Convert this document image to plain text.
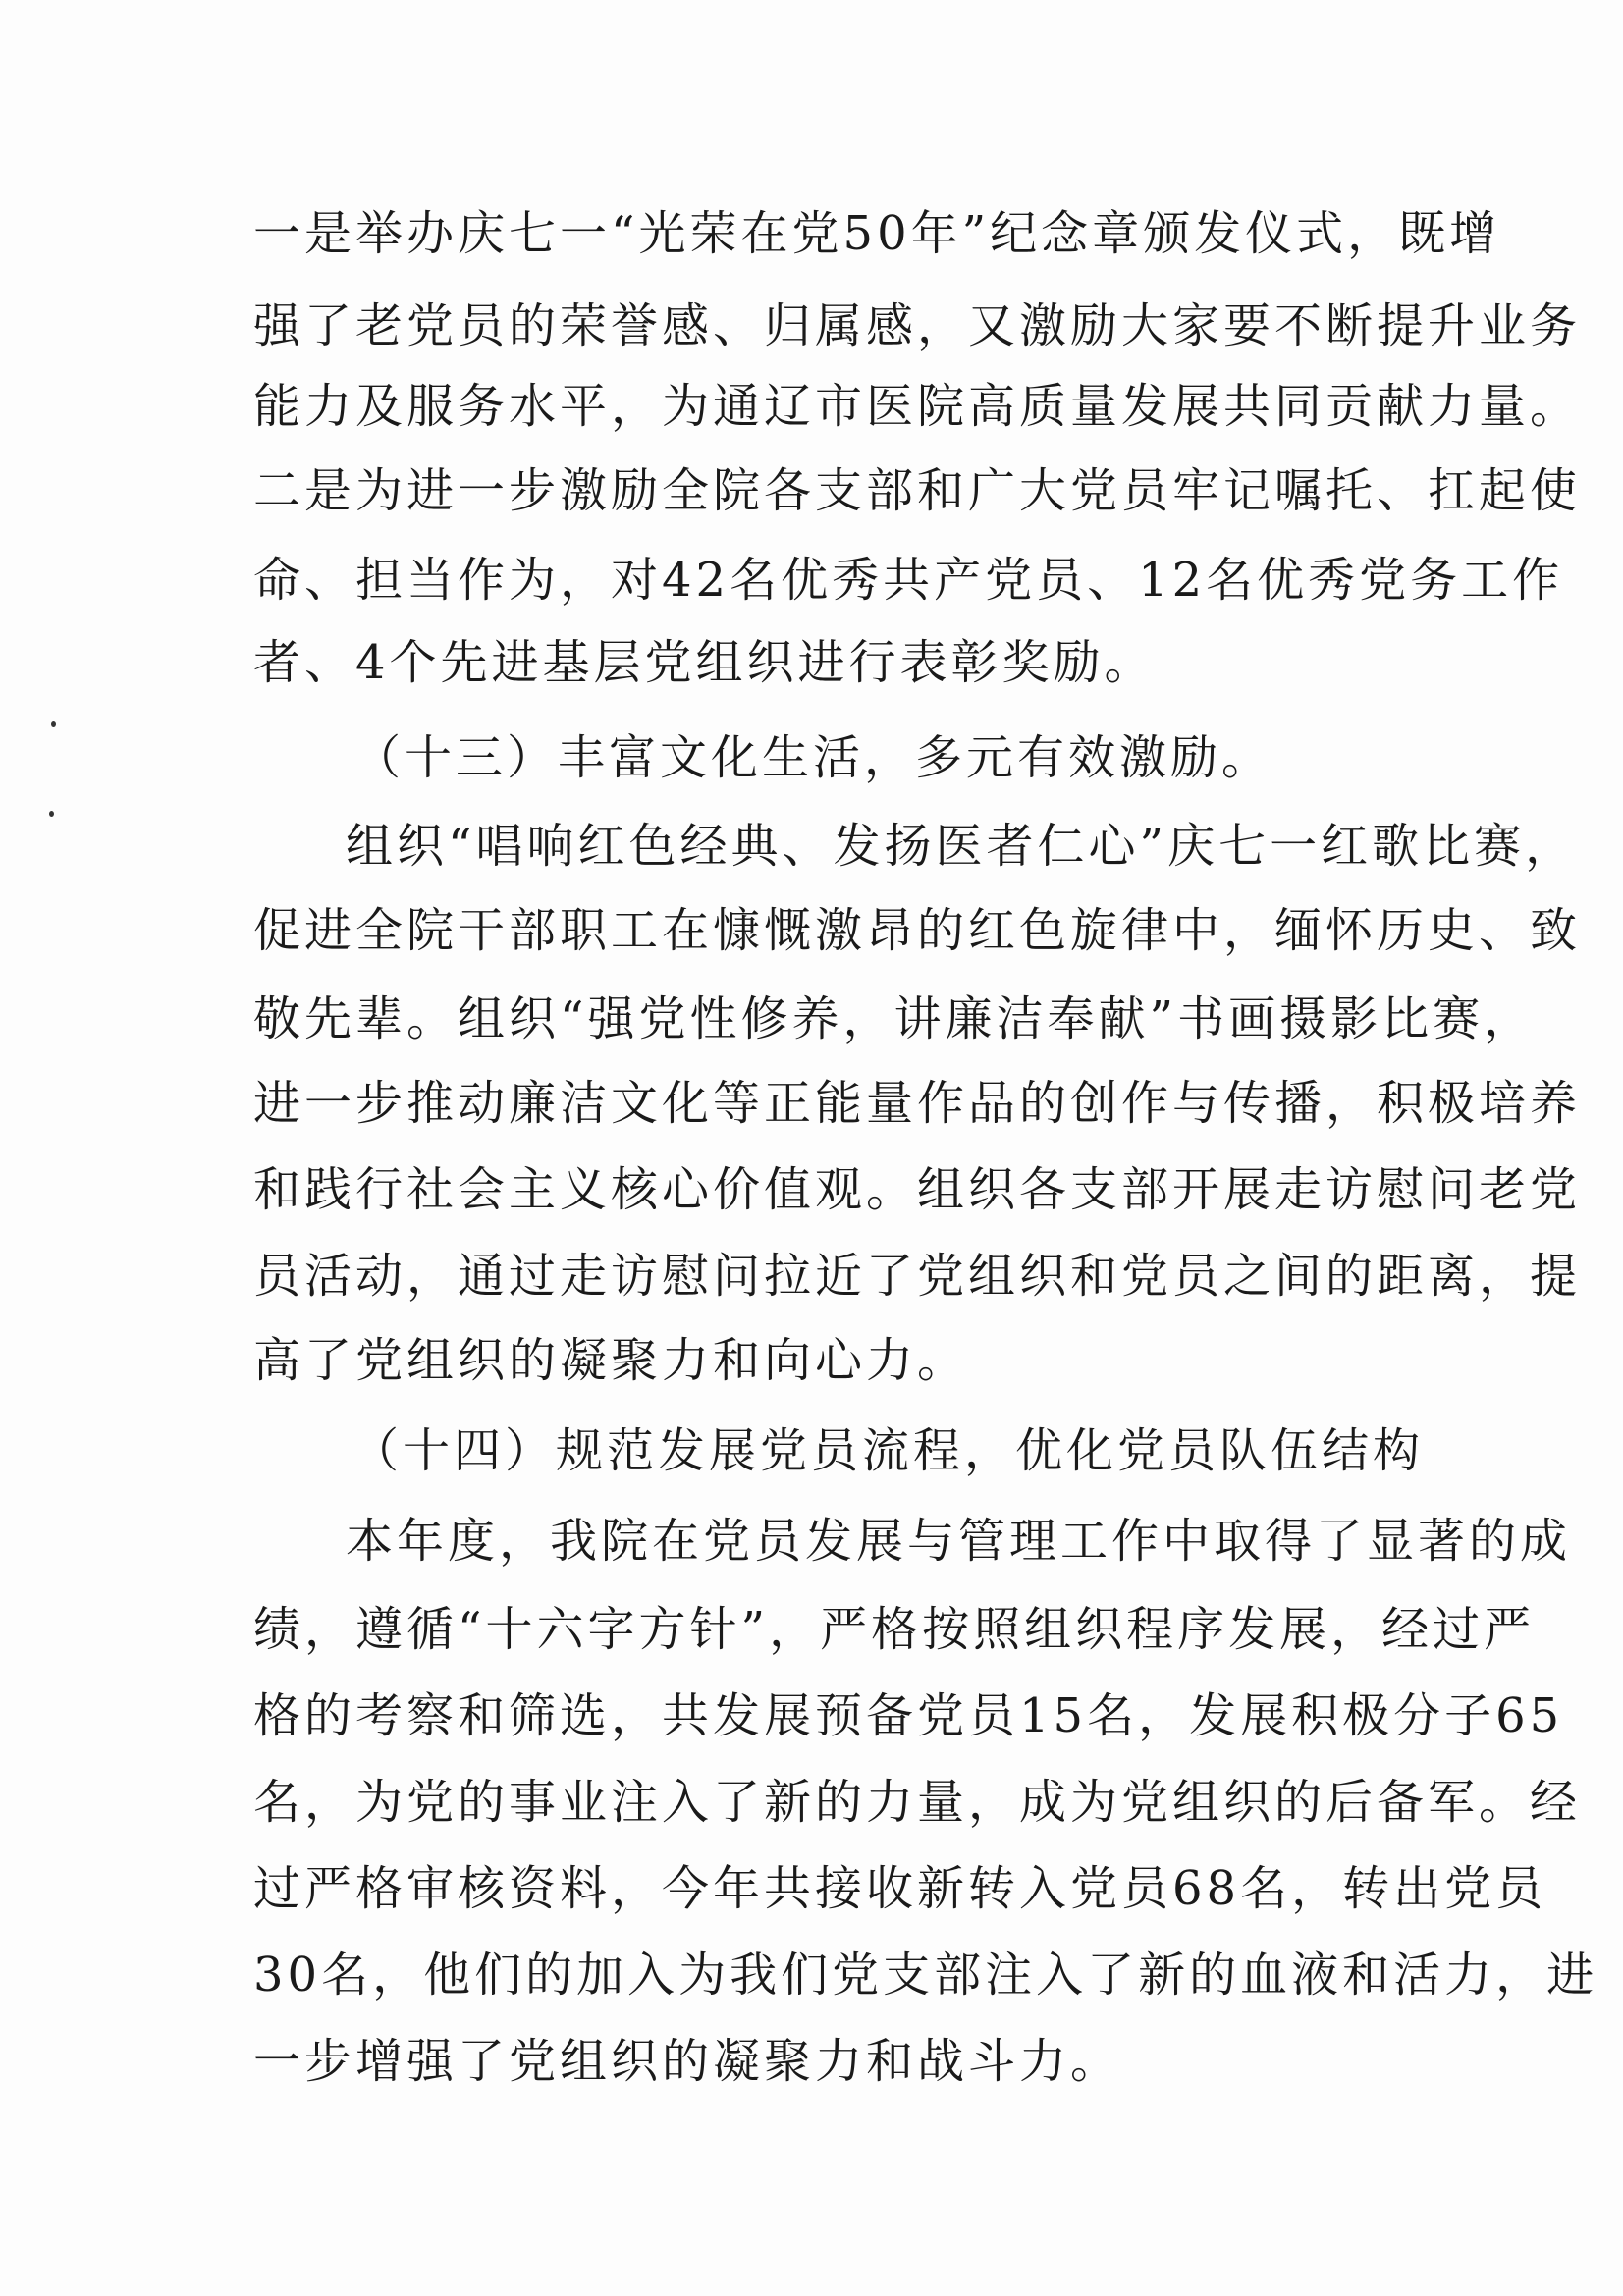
一是举办庆七一“光荣在党50年”纪念章颁发仪式，既增
强了老党员的荣誉感、归属感，又激励大家要不断提升业务
能力及服务水平，为通辽市医院高质量发展共同贡献力量。
二是为进一步激励全院各支部和广大党员牢记嘱托、扛起使
命、担当作为，对42名优秀共产党员、12名优秀党务工作
者、4个先进基层党组织进行表彰奖励。
（十三）丰富文化生活，多元有效激励。
组织“唱响红色经典、发扬医者仁心”庆七一红歌比赛，
促进全院干部职工在慷慨激昂的红色旋律中，缅怀历史、致
敬先辈。组织“强党性修养，讲廉洁奉献”书画摄影比赛，
进一步推动廉洁文化等正能量作品的创作与传播，积极培养
和践行社会主义核心价值观。组织各支部开展走访慰问老党
员活动，通过走访慰问拉近了党组织和党员之间的距离，提
高了党组织的凝聚力和向心力。
（十四）规范发展党员流程，优化党员队伍结构
本年度，我院在党员发展与管理工作中取得了显著的成
绩，遵循“十六字方针”，严格按照组织程序发展，经过严
格的考察和筛选，共发展预备党员15名，发展积极分子65
名，为党的事业注入了新的力量，成为党组织的后备军。经
过严格审核资料，今年共接收新转入党员68名，转出党员
30名，他们的加入为我们党支部注入了新的血液和活力，进
一步增强了党组织的凝聚力和战斗力。
